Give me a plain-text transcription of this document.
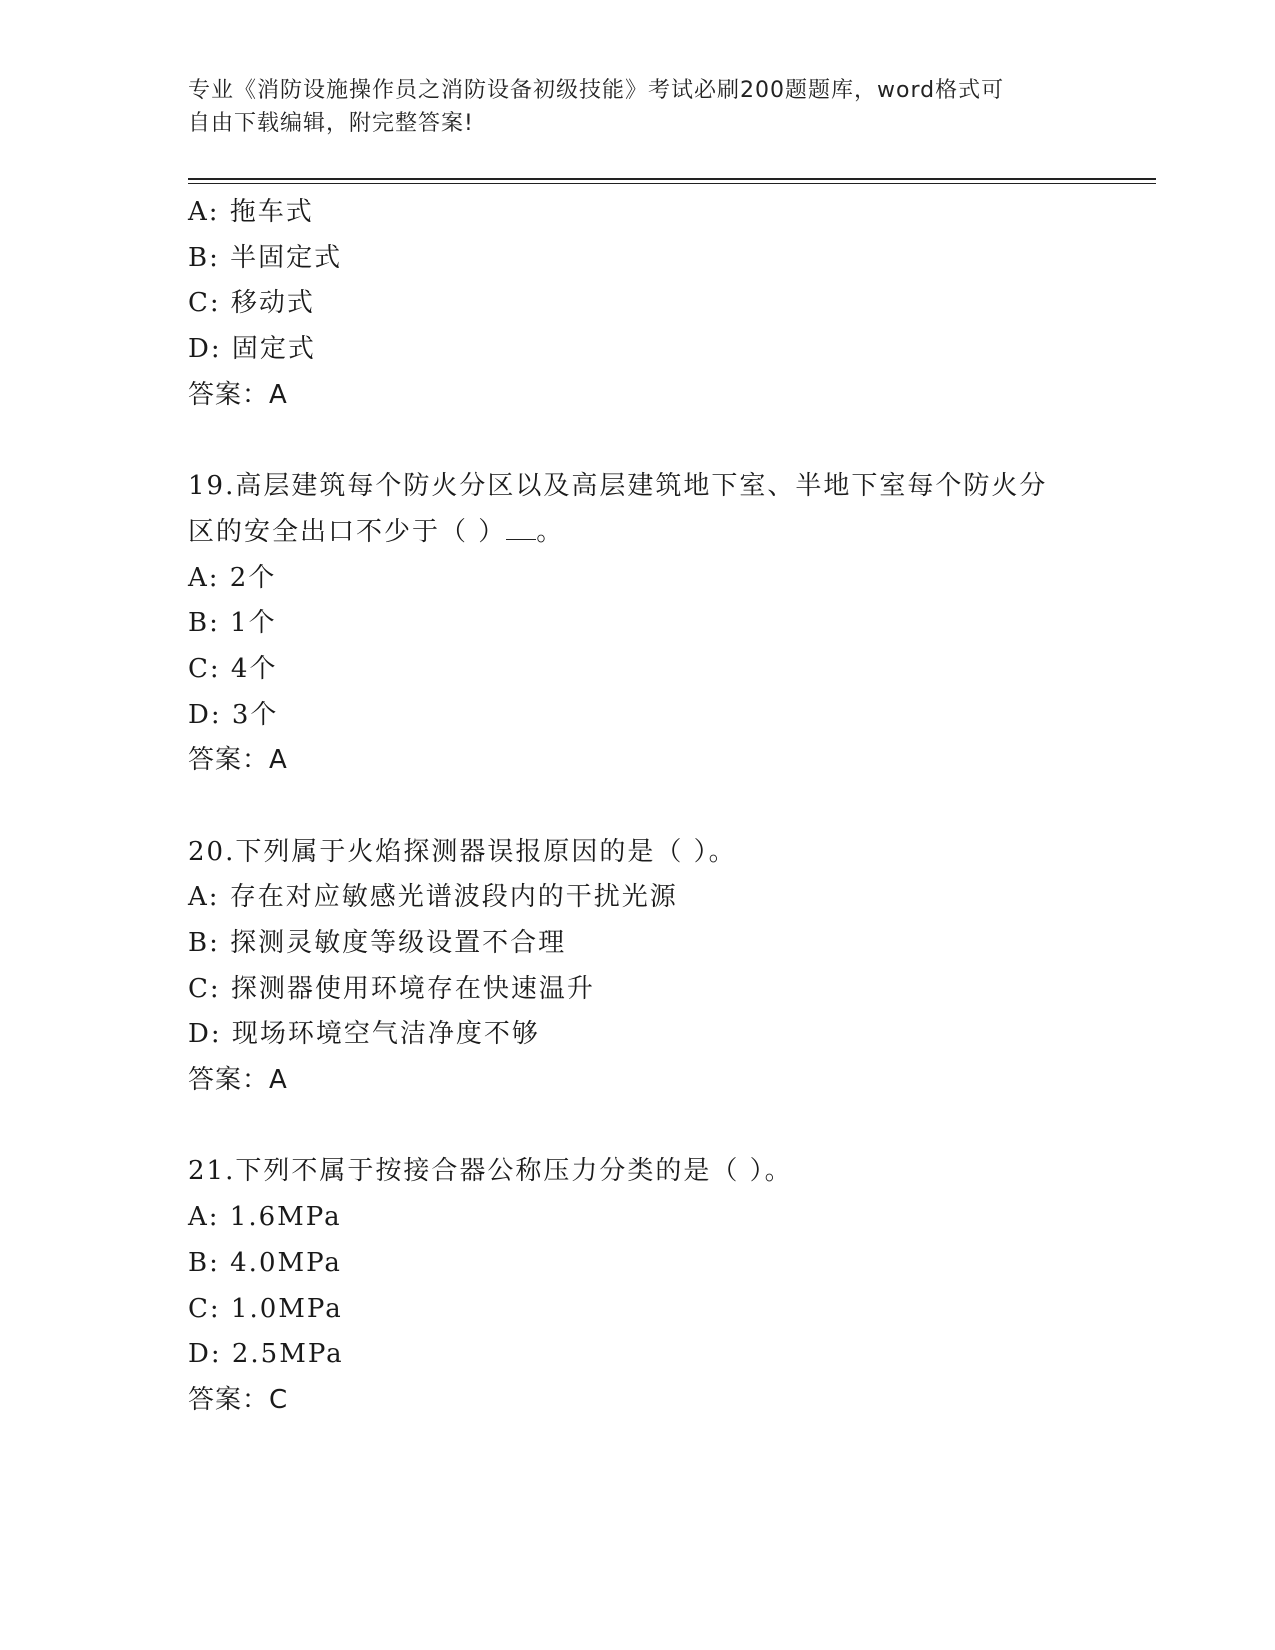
专业《消防设施操作员之消防设备初级技能》考试必刷200题题库，word格式可
自由下载编辑，附完整答案!
A: 拖车式
B: 半固定式
C: 移动式
D: 固定式
答案：A
19.高层建筑每个防火分区以及高层建筑地下室、半地下室每个防火分
区的安全出口不少于（ ） 。
A: 2个
B: 1个
C: 4个
D: 3个
答案：A
20.下列属于火焰探测器误报原因的是（ ）。
A: 存在对应敏感光谱波段内的干扰光源
B: 探测灵敏度等级设置不合理
C: 探测器使用环境存在快速温升
D: 现场环境空气洁净度不够
答案：A
21.下列不属于按接合器公称压力分类的是（ ）。
A: 1.6MPa
B: 4.0MPa
C: 1.0MPa
D: 2.5MPa
答案：C
